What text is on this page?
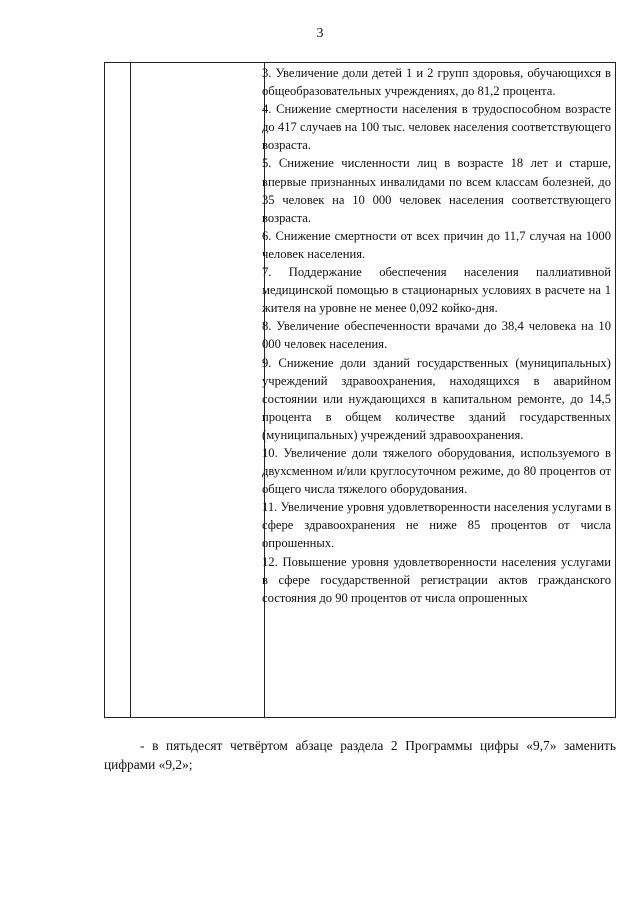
3
3. Увеличение доли детей 1 и 2 групп здоровья, обучающихся в общеобразовательных учреждениях, до 81,2 процента.
4. Снижение смертности населения в трудоспособном возрасте до 417 случаев на 100 тыс. человек населения соответствующего возраста.
5. Снижение численности лиц в возрасте 18 лет и старше, впервые признанных инвалидами по всем классам болезней, до 35 человек на 10 000 человек населения соответствующего возраста.
6. Снижение смертности от всех причин до 11,7 случая на 1000 человек населения.
7. Поддержание обеспечения населения паллиативной медицинской помощью в стационарных условиях в расчете на 1 жителя на уровне не менее 0,092 койко-дня.
8. Увеличение обеспеченности врачами до 38,4 человека на 10 000 человек населения.
9. Снижение доли зданий государственных (муниципальных) учреждений здравоохранения, находящихся в аварийном состоянии или нуждающихся в капитальном ремонте, до 14,5 процента в общем количестве зданий государственных (муниципальных) учреждений здравоохранения.
10. Увеличение доли тяжелого оборудования, используемого в двухсменном и/или круглосуточном режиме, до 80 процентов от общего числа тяжелого оборудования.
11. Увеличение уровня удовлетворенности населения услугами в сфере здравоохранения не ниже 85 процентов от числа опрошенных.
12. Повышение уровня удовлетворенности населения услугами в сфере государственной регистрации актов гражданского состояния до 90 процентов от числа опрошенных
- в пятьдесят четвёртом абзаце раздела 2 Программы цифры «9,7» заменить цифрами «9,2»;
